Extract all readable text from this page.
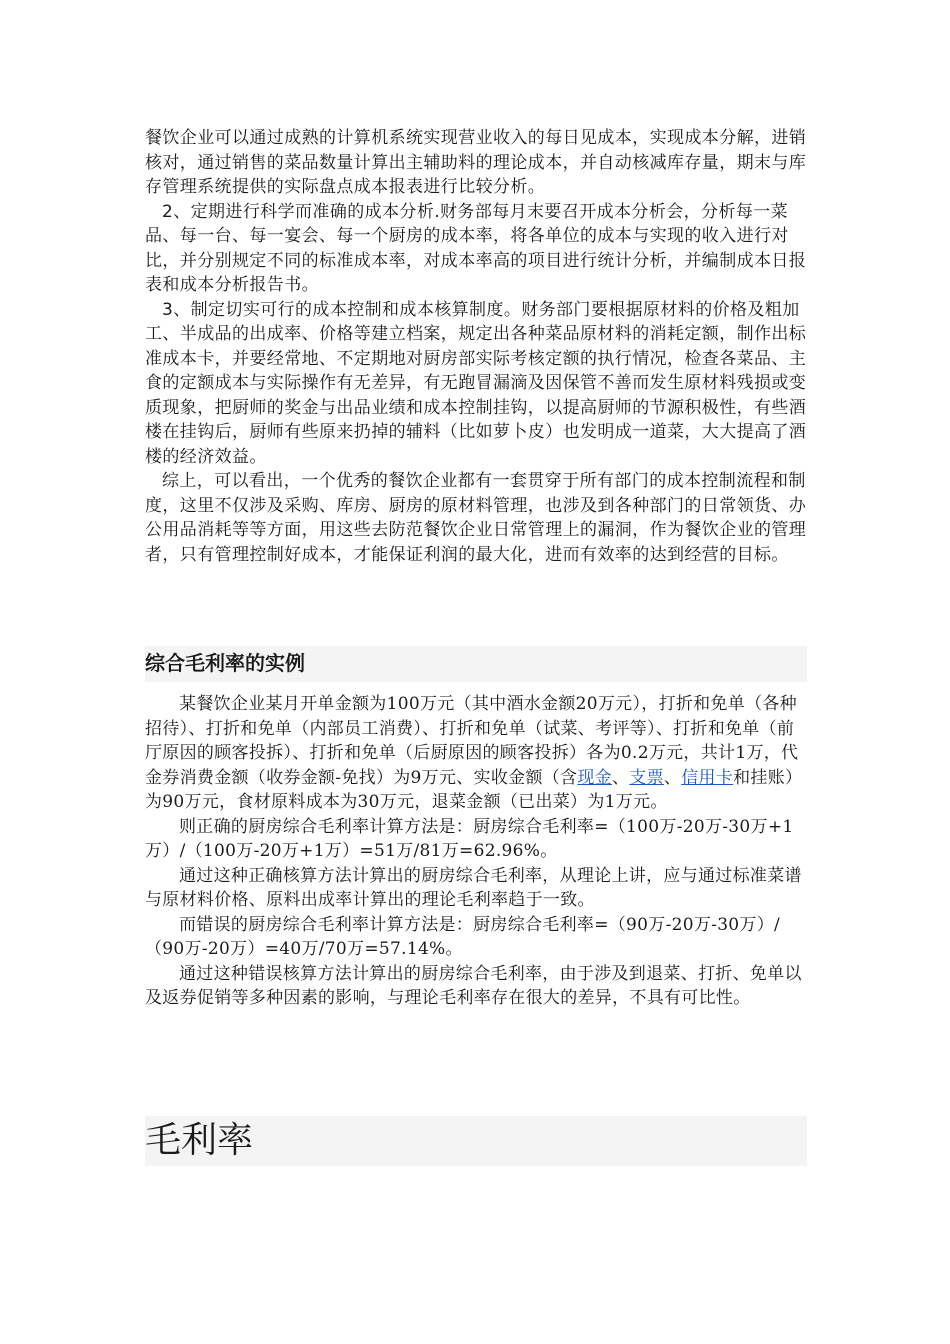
餐饮企业可以通过成熟的计算机系统实现营业收入的每日见成本，实现成本分解，进销核对，通过销售的菜品数量计算出主辅助料的理论成本，并自动核减库存量，期末与库存管理系统提供的实际盘点成本报表进行比较分析。

2、定期进行科学而准确的成本分析.财务部每月末要召开成本分析会，分析每一菜品、每一台、每一宴会、每一个厨房的成本率，将各单位的成本与实现的收入进行对比，并分别规定不同的标准成本率，对成本率高的项目进行统计分析，并编制成本日报表和成本分析报告书。

3、制定切实可行的成本控制和成本核算制度。财务部门要根据原材料的价格及粗加工、半成品的出成率、价格等建立档案，规定出各种菜品原材料的消耗定额，制作出标准成本卡，并要经常地、不定期地对厨房部实际考核定额的执行情况，检查各菜品、主食的定额成本与实际操作有无差异，有无跑冒漏滴及因保管不善而发生原材料残损或变质现象，把厨师的奖金与出品业绩和成本控制挂钩，以提高厨师的节源积极性，有些酒楼在挂钩后，厨师有些原来扔掉的辅料（比如萝卜皮）也发明成一道菜，大大提高了酒楼的经济效益。

综上，可以看出，一个优秀的餐饮企业都有一套贯穿于所有部门的成本控制流程和制度，这里不仅涉及采购、库房、厨房的原材料管理，也涉及到各种部门的日常领货、办公用品消耗等等方面，用这些去防范餐饮企业日常管理上的漏洞，作为餐饮企业的管理者，只有管理控制好成本，才能保证利润的最大化，进而有效率的达到经营的目标。

综合毛利率的实例

某餐饮企业某月开单金额为100万元（其中酒水金额20万元），打折和免单（各种招待）、打折和免单（内部员工消费）、打折和免单（试菜、考评等）、打折和免单（前厅原因的顾客投拆）、打折和免单（后厨原因的顾客投拆）各为0.2万元，共计1万，代金券消费金额（收券金额-免找）为9万元、实收金额（含现金、支票、信用卡和挂账）为90万元，食材原料成本为30万元，退菜金额（已出菜）为1万元。

则正确的厨房综合毛利率计算方法是：厨房综合毛利率=（100万-20万-30万+1万）/（100万-20万+1万）=51万/81万=62.96%。

通过这种正确核算方法计算出的厨房综合毛利率，从理论上讲，应与通过标准菜谱与原材料价格、原料出成率计算出的理论毛利率趋于一致。

而错误的厨房综合毛利率计算方法是：厨房综合毛利率=（90万-20万-30万）/（90万-20万）=40万/70万=57.14%。

通过这种错误核算方法计算出的厨房综合毛利率，由于涉及到退菜、打折、免单以及返券促销等多种因素的影响，与理论毛利率存在很大的差异，不具有可比性。

毛利率
